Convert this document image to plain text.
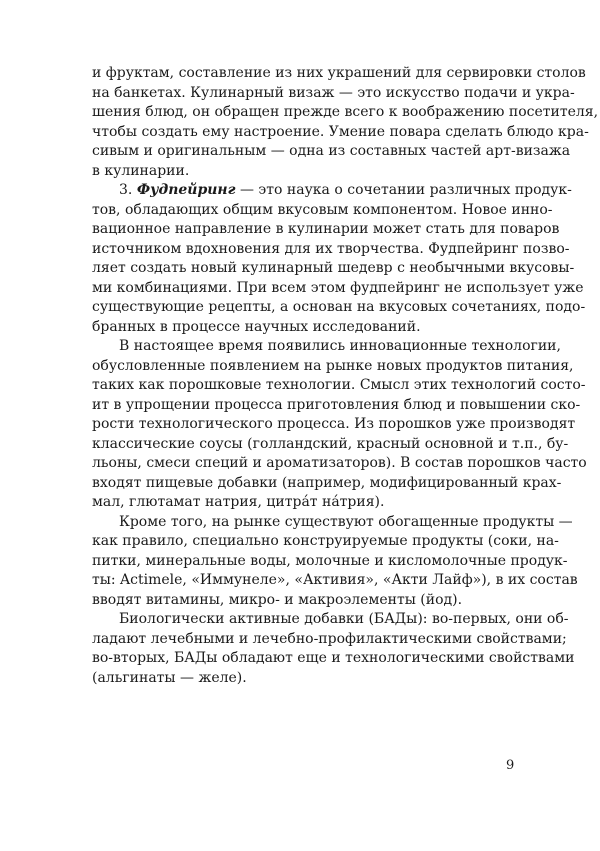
и фруктам, составление из них украшений для сервировки столов
на банкетах. Кулинарный визаж — это искусство подачи и укра-
шения блюд, он обращен прежде всего к воображению посетителя,
чтобы создать ему настроение. Умение повара сделать блюдо кра-
сивым и оригинальным — одна из составных частей арт-визажа
в кулинарии.
3. Фудпейринг — это наука о сочетании различных продук-
тов, обладающих общим вкусовым компонентом. Новое инно-
вационное направление в кулинарии может стать для поваров
источником вдохновения для их творчества. Фудпейринг позво-
ляет создать новый кулинарный шедевр с необычными вкусовы-
ми комбинациями. При всем этом фудпейринг не использует уже
существующие рецепты, а основан на вкусовых сочетаниях, подо-
бранных в процессе научных исследований.
В настоящее время появились инновационные технологии,
обусловленные появлением на рынке новых продуктов питания,
таких как порошковые технологии. Смысл этих технологий состо-
ит в упрощении процесса приготовления блюд и повышении ско-
рости технологического процесса. Из порошков уже производят
классические соусы (голландский, красный основной и т.п., бу-
льоны, смеси специй и ароматизаторов). В состав порошков часто
входят пищевые добавки (например, модифицированный крах-
мал, глютамат натрия, цитрáт нáтрия).
Кроме того, на рынке существуют обогащенные продукты —
как правило, специально конструируемые продукты (соки, на-
питки, минеральные воды, молочные и кисломолочные продук-
ты: Actimele, «Иммунеле», «Активия», «Акти Лайф»), в их состав
вводят витамины, микро- и макроэлементы (йод).
Биологически активные добавки (БАДы): во-первых, они об-
ладают лечебными и лечебно-профилактическими свойствами;
во-вторых, БАДы обладают еще и технологическими свойствами
(альгинаты — желе).
9
